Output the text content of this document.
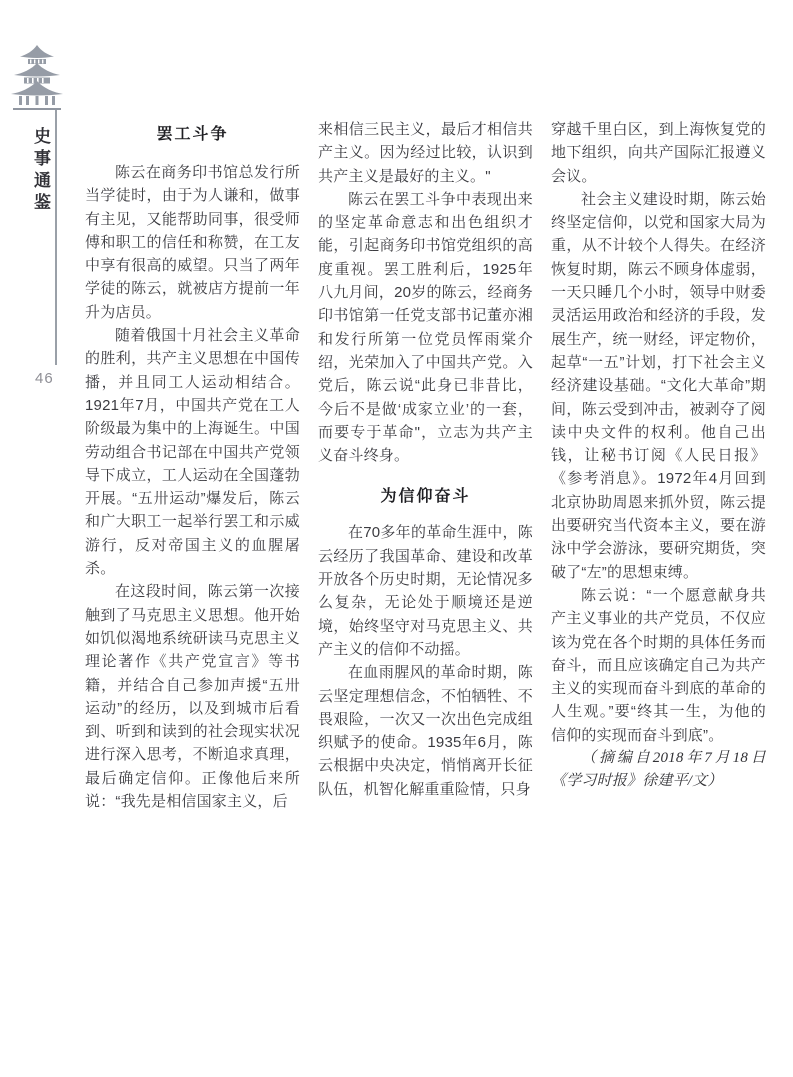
史事通鉴
46
罢工斗争

陈云在商务印书馆总发行所当学徒时，由于为人谦和，做事有主见，又能帮助同事，很受师傅和职工的信任和称赞，在工友中享有很高的威望。只当了两年学徒的陈云，就被店方提前一年升为店员。

随着俄国十月社会主义革命的胜利，共产主义思想在中国传播，并且同工人运动相结合。1921年7月，中国共产党在工人阶级最为集中的上海诞生。中国劳动组合书记部在中国共产党领导下成立，工人运动在全国蓬勃开展。“五卅运动”爆发后，陈云和广大职工一起举行罢工和示威游行，反对帝国主义的血腥屠杀。

在这段时间，陈云第一次接触到了马克思主义思想。他开始如饥似渴地系统研读马克思主义理论著作《共产党宣言》等书籍，并结合自己参加声援“五卅运动”的经历，以及到城市后看到、听到和读到的社会现实状况进行深入思考，不断追求真理，最后确定信仰。正像他后来所说：“我先是相信国家主义，后

来相信三民主义，最后才相信共产主义。因为经过比较，认识到共产主义是最好的主义。"

陈云在罢工斗争中表现出来的坚定革命意志和出色组织才能，引起商务印书馆党组织的高度重视。罢工胜利后，1925年八九月间，20岁的陈云，经商务印书馆第一任党支部书记董亦湘和发行所第一位党员恽雨棠介绍，光荣加入了中国共产党。入党后，陈云说“此身已非昔比，今后不是做‘成家立业’的一套，而要专于革命"，立志为共产主义奋斗终身。

为信仰奋斗

在70多年的革命生涯中，陈云经历了我国革命、建设和改革开放各个历史时期，无论情况多么复杂，无论处于顺境还是逆境，始终坚守对马克思主义、共产主义的信仰不动摇。

在血雨腥风的革命时期，陈云坚定理想信念，不怕牺牲、不畏艰险，一次又一次出色完成组织赋予的使命。1935年6月，陈云根据中央决定，悄悄离开长征队伍，机智化解重重险情，只身

穿越千里白区，到上海恢复党的地下组织，向共产国际汇报遵义会议。

社会主义建设时期，陈云始终坚定信仰，以党和国家大局为重，从不计较个人得失。在经济恢复时期，陈云不顾身体虚弱，一天只睡几个小时，领导中财委灵活运用政治和经济的手段，发展生产，统一财经，评定物价，起草“一五”计划，打下社会主义经济建设基础。“文化大革命”期间，陈云受到冲击，被剥夺了阅读中央文件的权利。他自己出钱，让秘书订阅《人民日报》《参考消息》。1972年4月回到北京协助周恩来抓外贸，陈云提出要研究当代资本主义，要在游泳中学会游泳，要研究期货，突破了“左”的思想束缚。

陈云说：“一个愿意献身共产主义事业的共产党员，不仅应该为党在各个时期的具体任务而奋斗，而且应该确定自己为共产主义的实现而奋斗到底的革命的人生观。”要“终其一生，为他的信仰的实现而奋斗到底”。

（摘编自2018年7月18日《学习时报》徐建平/文）
